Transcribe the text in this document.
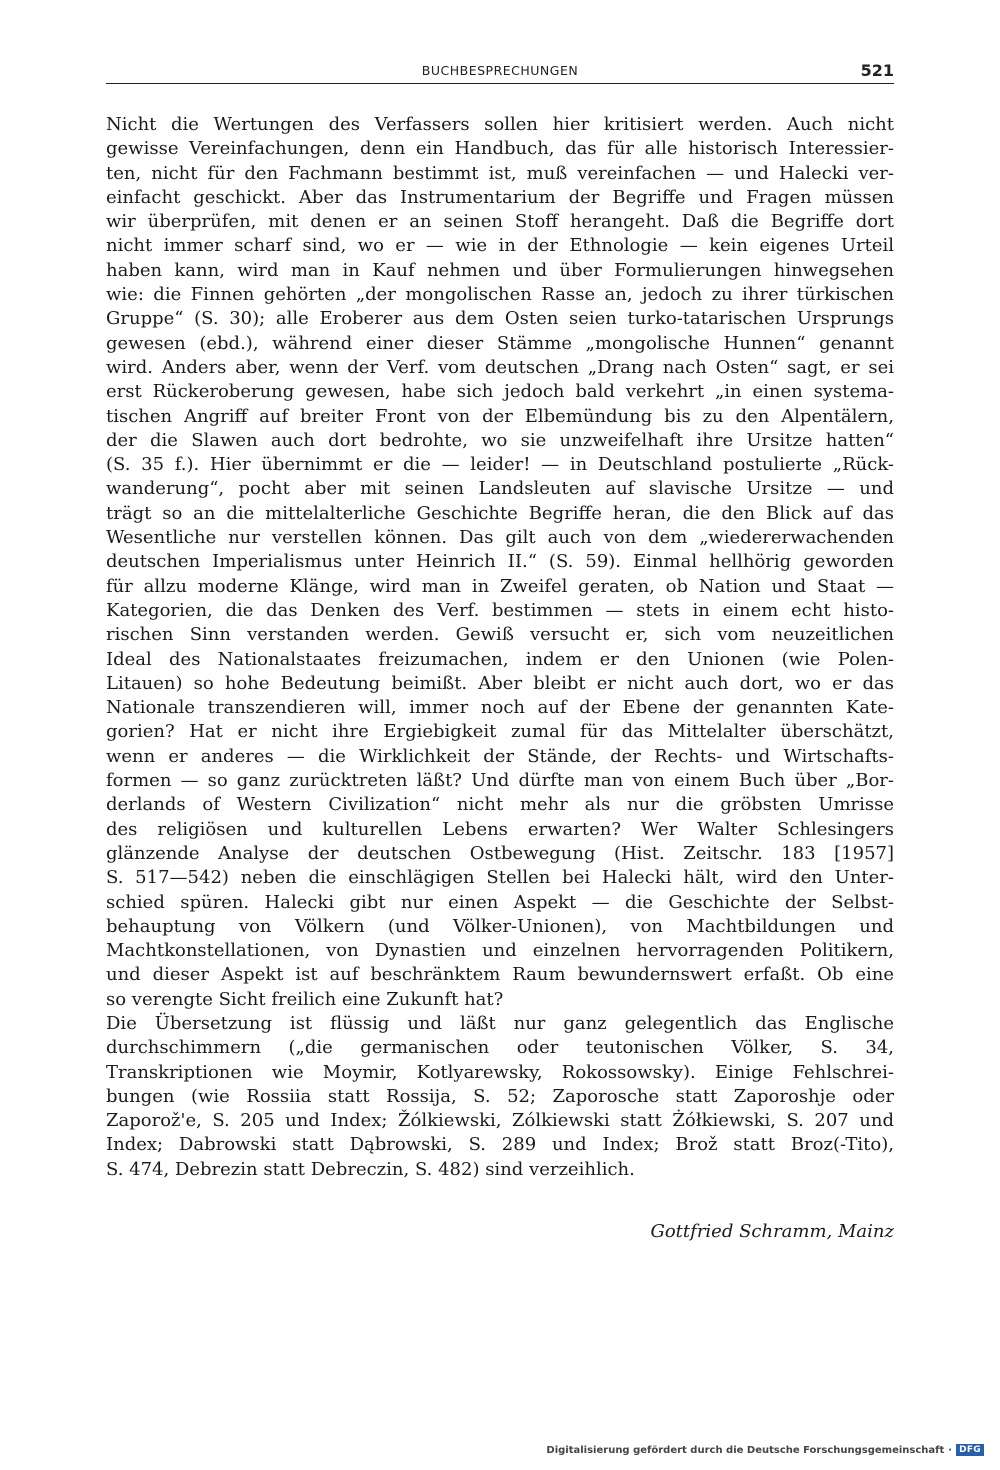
BUCHBESPRECHUNGEN	521
Nicht die Wertungen des Verfassers sollen hier kritisiert werden. Auch nicht
gewisse Vereinfachungen, denn ein Handbuch, das für alle historisch Interessier-
ten, nicht für den Fachmann bestimmt ist, muß vereinfachen — und Halecki ver-
einfacht geschickt. Aber das Instrumentarium der Begriffe und Fragen müssen
wir überprüfen, mit denen er an seinen Stoff herangeht. Daß die Begriffe dort
nicht immer scharf sind, wo er — wie in der Ethnologie — kein eigenes Urteil
haben kann, wird man in Kauf nehmen und über Formulierungen hinwegsehen
wie: die Finnen gehörten „der mongolischen Rasse an, jedoch zu ihrer türkischen
Gruppe“ (S. 30); alle Eroberer aus dem Osten seien turko-tatarischen Ursprungs
gewesen (ebd.), während einer dieser Stämme „mongolische Hunnen“ genannt
wird. Anders aber, wenn der Verf. vom deutschen „Drang nach Osten“ sagt, er sei
erst Rückeroberung gewesen, habe sich jedoch bald verkehrt „in einen systema-
tischen Angriff auf breiter Front von der Elbemündung bis zu den Alpentälern,
der die Slawen auch dort bedrohte, wo sie unzweifelhaft ihre Ursitze hatten“
(S. 35 f.). Hier übernimmt er die — leider! — in Deutschland postulierte „Rück-
wanderung“, pocht aber mit seinen Landsleuten auf slavische Ursitze — und
trägt so an die mittelalterliche Geschichte Begriffe heran, die den Blick auf das
Wesentliche nur verstellen können. Das gilt auch von dem „wiedererwachenden
deutschen Imperialismus unter Heinrich II.“ (S. 59). Einmal hellhörig geworden
für allzu moderne Klänge, wird man in Zweifel geraten, ob Nation und Staat —
Kategorien, die das Denken des Verf. bestimmen — stets in einem echt histo-
rischen Sinn verstanden werden. Gewiß versucht er, sich vom neuzeitlichen
Ideal des Nationalstaates freizumachen, indem er den Unionen (wie Polen-
Litauen) so hohe Bedeutung beimißt. Aber bleibt er nicht auch dort, wo er das
Nationale transzendieren will, immer noch auf der Ebene der genannten Kate-
gorien? Hat er nicht ihre Ergiebigkeit zumal für das Mittelalter überschätzt,
wenn er anderes — die Wirklichkeit der Stände, der Rechts- und Wirtschafts-
formen — so ganz zurücktreten läßt? Und dürfte man von einem Buch über „Bor-
derlands of Western Civilization“ nicht mehr als nur die gröbsten Umrisse
des religiösen und kulturellen Lebens erwarten? Wer Walter Schlesingers
glänzende Analyse der deutschen Ostbewegung (Hist. Zeitschr. 183 [1957]
S. 517—542) neben die einschlägigen Stellen bei Halecki hält, wird den Unter-
schied spüren. Halecki gibt nur einen Aspekt — die Geschichte der Selbst-
behauptung von Völkern (und Völker-Unionen), von Machtbildungen und
Machtkonstellationen, von Dynastien und einzelnen hervorragenden Politikern,
und dieser Aspekt ist auf beschränktem Raum bewundernswert erfaßt. Ob eine
so verengte Sicht freilich eine Zukunft hat?
Die Übersetzung ist flüssig und läßt nur ganz gelegentlich das Englische
durchschimmern („die germanischen oder teutonischen Völker, S. 34,
Transkriptionen wie Moymir, Kotlyarewsky, Rokossowsky). Einige Fehlschrei-
bungen (wie Rossiia statt Rossija, S. 52; Zaporosche statt Zaporoshje oder
Zaporož'e, S. 205 und Index; Žólkiewski, Zólkiewski statt Żółkiewski, S. 207 und
Index; Dabrowski statt Dąbrowski, S. 289 und Index; Brož statt Broz(-Tito),
S. 474, Debrezin statt Debreczin, S. 482) sind verzeihlich.
Gottfried Schramm, Mainz
Digitalisierung gefördert durch die Deutsche Forschungsgemeinschaft · DFG
